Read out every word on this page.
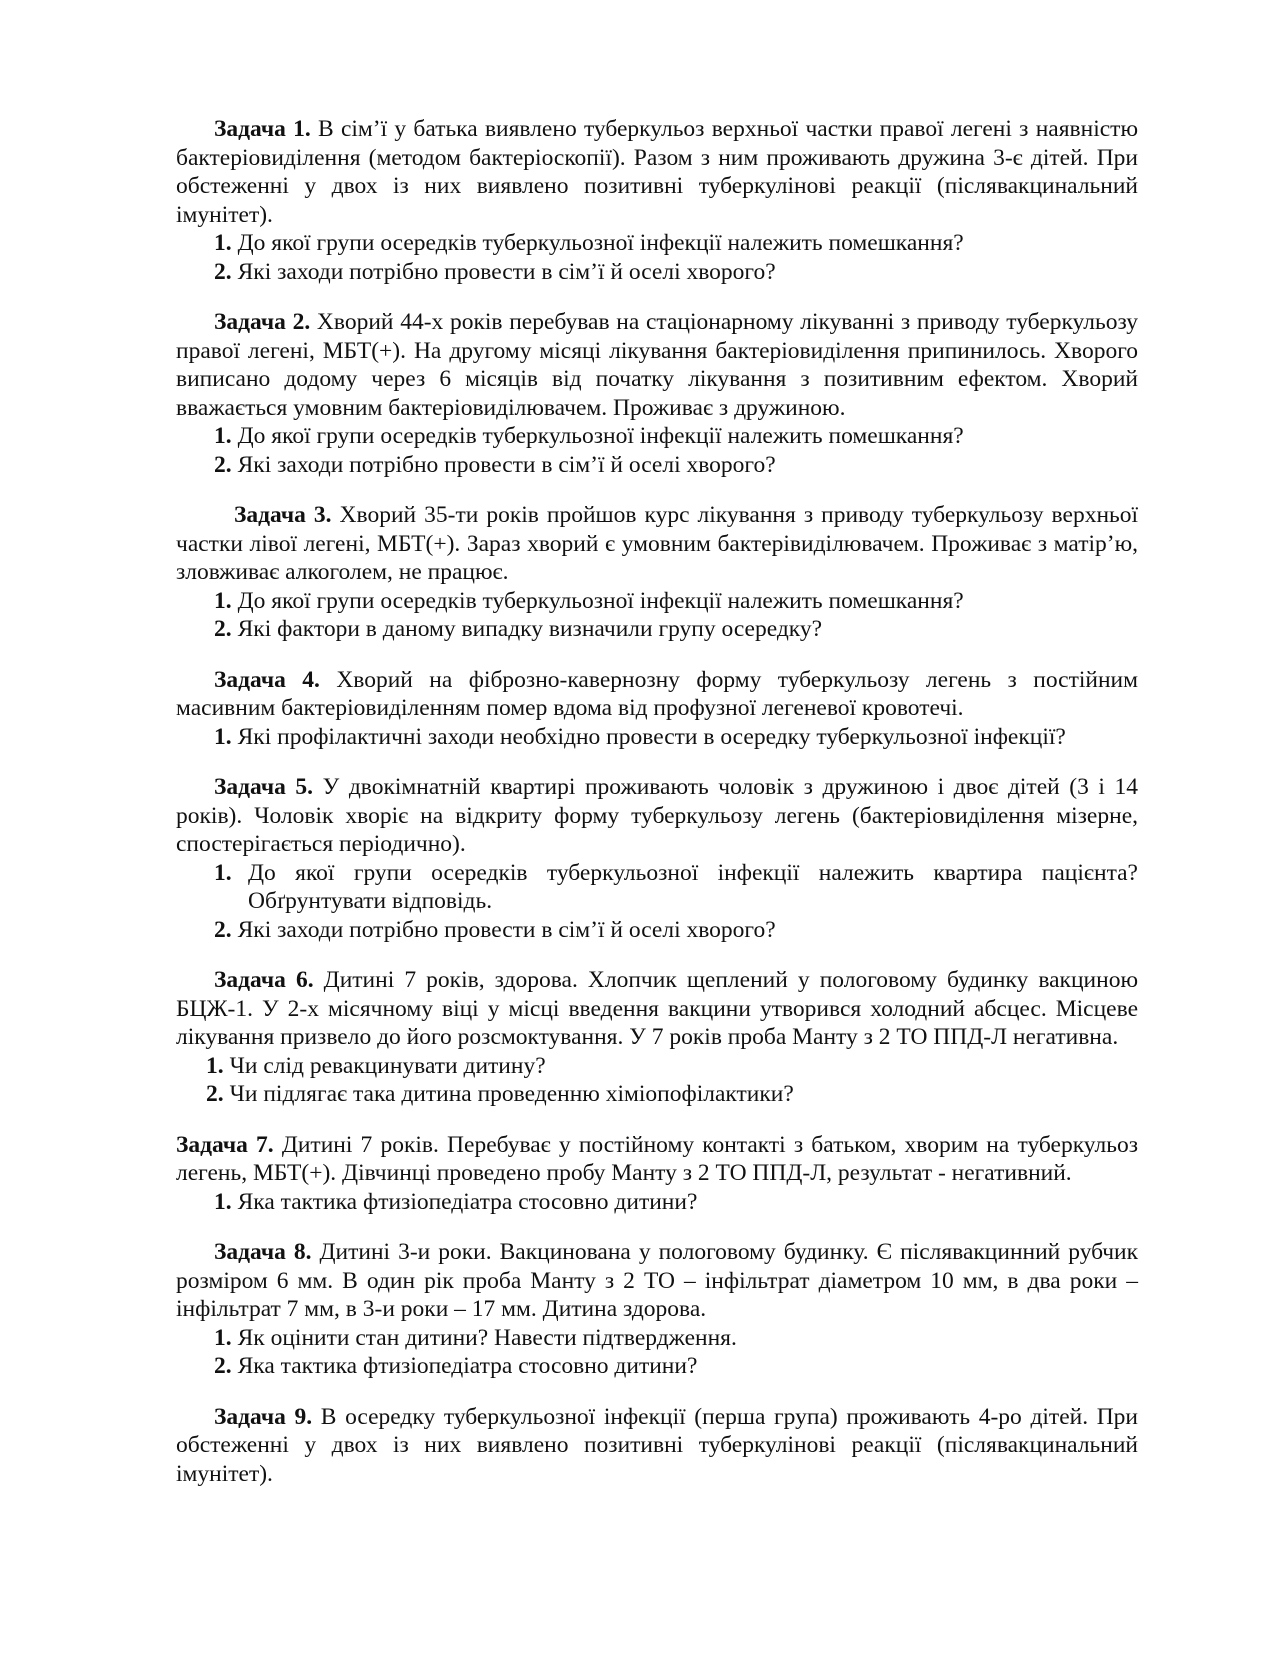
Задача 1. В сім’ї у батька виявлено туберкульоз верхньої частки правої легені з наявністю бактеріовиділення (методом бактеріоскопії). Разом з ним проживають дружина 3-є дітей. При обстеженні у двох із них виявлено позитивні туберкулінові реакції (післявакцинальний імунітет).

1. До якої групи осередків туберкульозної інфекції належить помешкання?
2. Які заходи потрібно провести в сім’ї й оселі хворого?

Задача 2. Хворий 44-х років перебував на стаціонарному лікуванні з приводу туберкульозу правої легені, МБТ(+). На другому місяці лікування бактеріовиділення припинилось. Хворого виписано додому через 6 місяців від початку лікування з позитивним ефектом. Хворий вважається умовним бактеріовиділювачем. Проживає з дружиною.

1. До якої групи осередків туберкульозної інфекції належить помешкання?
2. Які заходи потрібно провести в сім’ї й оселі хворого?

Задача 3. Хворий 35-ти років пройшов курс лікування з приводу туберкульозу верхньої частки лівої легені, МБТ(+). Зараз хворий є умовним бактерівиділювачем. Проживає з матір’ю, зловживає алкоголем, не працює.

1. До якої групи осередків туберкульозної інфекції належить помешкання?
2. Які фактори в даному випадку визначили групу осередку?

Задача 4. Хворий на фіброзно-кавернозну форму туберкульозу легень з постійним масивним бактеріовиділенням помер вдома від профузної легеневої кровотечі.

1. Які профілактичні заходи необхідно провести в осередку туберкульозної інфекції?

Задача 5. У двокімнатній квартирі проживають чоловік з дружиною і двоє дітей (3 і 14 років). Чоловік хворіє на відкриту форму туберкульозу легень (бактеріовиділення мізерне, спостерігається періодично).

1. До якої групи осередків туберкульозної інфекції належить квартира пацієнта? Обґрунтувати відповідь.
2. Які заходи потрібно провести в сім’ї й оселі хворого?

Задача 6. Дитині 7 років, здорова. Хлопчик щеплений у пологовому будинку вакциною БЦЖ-1. У 2-х місячному віці у місці введення вакцини утворився холодний абсцес. Місцеве лікування призвело до його розсмоктування. У 7 років проба Манту з 2 ТО ППД-Л негативна.

1. Чи слід ревакцинувати дитину?
2. Чи підлягає така дитина проведенню хіміопофілактики?

Задача 7. Дитині 7 років. Перебуває у постійному контакті з батьком, хворим на туберкульоз легень, МБТ(+). Дівчинці проведено пробу Манту з 2 ТО ППД-Л, результат - негативний.

1. Яка тактика фтизіопедіатра стосовно дитини?

Задача 8. Дитині 3-и роки. Вакцинована у пологовому будинку. Є післявакцинний рубчик розміром 6 мм. В один рік проба Манту з 2 ТО – інфільтрат діаметром 10 мм, в два роки – інфільтрат 7 мм, в 3-и роки – 17 мм. Дитина здорова.

1. Як оцінити стан дитини? Навести підтвердження.
2. Яка тактика фтизіопедіатра стосовно дитини?

Задача 9. В осередку туберкульозної інфекції (перша група) проживають 4-ро дітей. При обстеженні у двох із них виявлено позитивні туберкулінові реакції (післявакцинальний імунітет).
